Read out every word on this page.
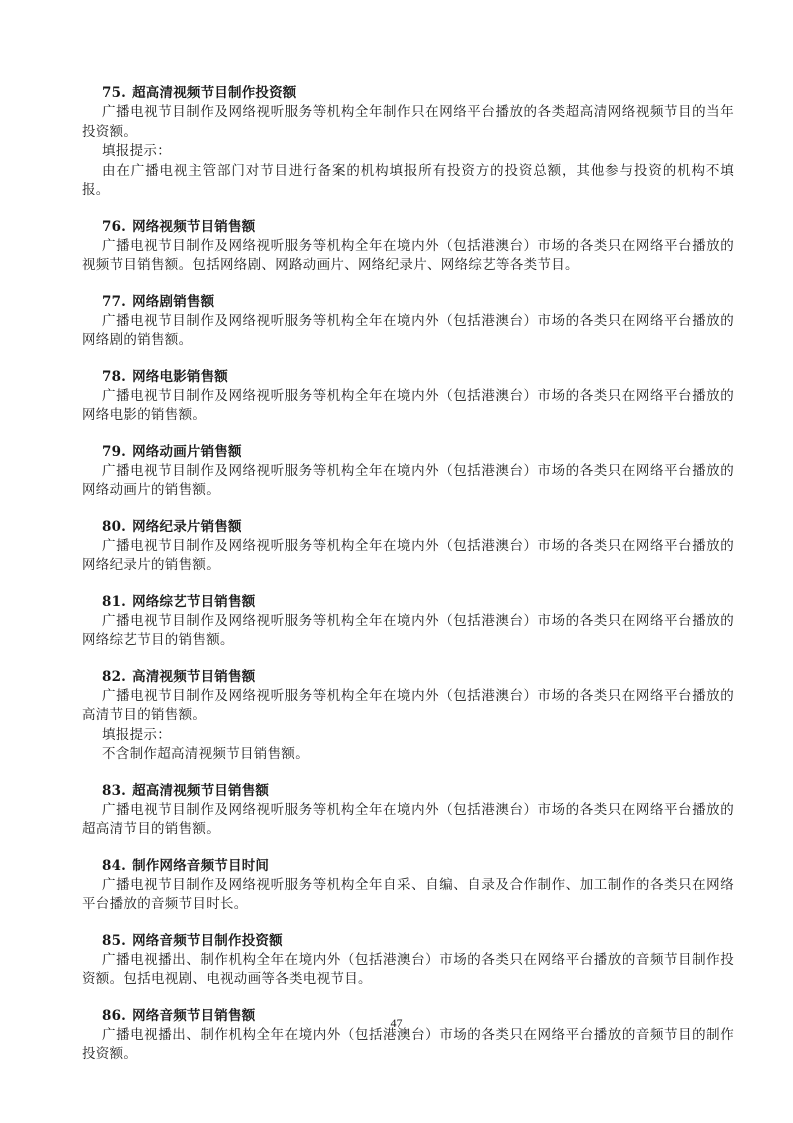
75. 超高清视频节目制作投资额

广播电视节目制作及网络视听服务等机构全年制作只在网络平台播放的各类超高清网络视频节目的当年投资额。

填报提示：

由在广播电视主管部门对节目进行备案的机构填报所有投资方的投资总额，其他参与投资的机构不填报。

76. 网络视频节目销售额

广播电视节目制作及网络视听服务等机构全年在境内外（包括港澳台）市场的各类只在网络平台播放的视频节目销售额。包括网络剧、网路动画片、网络纪录片、网络综艺等各类节目。

77. 网络剧销售额

广播电视节目制作及网络视听服务等机构全年在境内外（包括港澳台）市场的各类只在网络平台播放的网络剧的销售额。

78. 网络电影销售额

广播电视节目制作及网络视听服务等机构全年在境内外（包括港澳台）市场的各类只在网络平台播放的网络电影的销售额。

79. 网络动画片销售额

广播电视节目制作及网络视听服务等机构全年在境内外（包括港澳台）市场的各类只在网络平台播放的网络动画片的销售额。

80. 网络纪录片销售额

广播电视节目制作及网络视听服务等机构全年在境内外（包括港澳台）市场的各类只在网络平台播放的网络纪录片的销售额。

81. 网络综艺节目销售额

广播电视节目制作及网络视听服务等机构全年在境内外（包括港澳台）市场的各类只在网络平台播放的网络综艺节目的销售额。

82. 高清视频节目销售额

广播电视节目制作及网络视听服务等机构全年在境内外（包括港澳台）市场的各类只在网络平台播放的高清节目的销售额。

填报提示：

不含制作超高清视频节目销售额。

83. 超高清视频节目销售额

广播电视节目制作及网络视听服务等机构全年在境内外（包括港澳台）市场的各类只在网络平台播放的超高清节目的销售额。

84. 制作网络音频节目时间

广播电视节目制作及网络视听服务等机构全年自采、自编、自录及合作制作、加工制作的各类只在网络平台播放的音频节目时长。

85. 网络音频节目制作投资额

广播电视播出、制作机构全年在境内外（包括港澳台）市场的各类只在网络平台播放的音频节目制作投资额。包括电视剧、电视动画等各类电视节目。

86. 网络音频节目销售额

广播电视播出、制作机构全年在境内外（包括港澳台）市场的各类只在网络平台播放的音频节目的制作投资额。

47
